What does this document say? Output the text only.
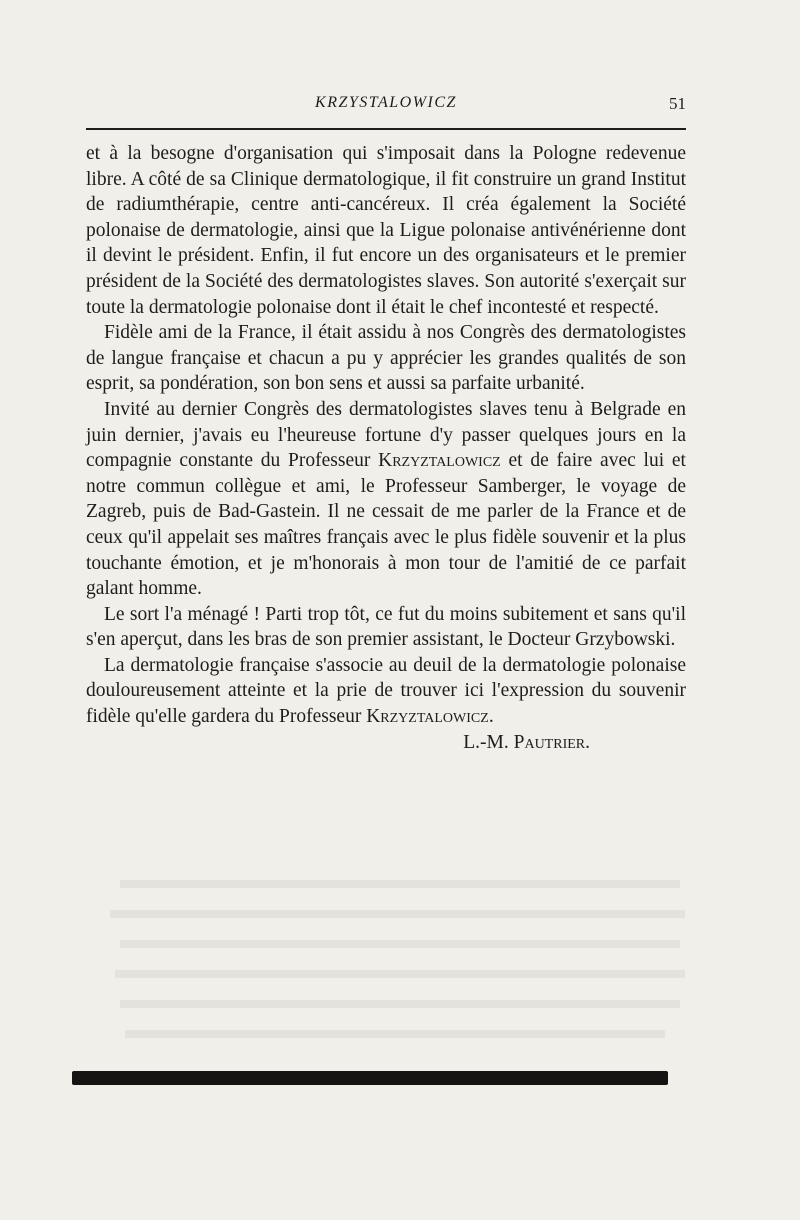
KRZYSTALOWICZ	51

et à la besogne d'organisation qui s'imposait dans la Pologne redevenue libre. A côté de sa Clinique dermatologique, il fit construire un grand Institut de radiumthérapie, centre anti-cancéreux. Il créa également la Société polonaise de dermatologie, ainsi que la Ligue polonaise antivénérienne dont il devint le président. Enfin, il fut encore un des organisateurs et le premier président de la Société des dermatologistes slaves. Son autorité s'exerçait sur toute la dermatologie polonaise dont il était le chef incontesté et respecté.

Fidèle ami de la France, il était assidu à nos Congrès des dermatologistes de langue française et chacun a pu y apprécier les grandes qualités de son esprit, sa pondération, son bon sens et aussi sa parfaite urbanité.

Invité au dernier Congrès des dermatologistes slaves tenu à Belgrade en juin dernier, j'avais eu l'heureuse fortune d'y passer quelques jours en la compagnie constante du Professeur Krzyztalowicz et de faire avec lui et notre commun collègue et ami, le Professeur Samberger, le voyage de Zagreb, puis de Bad-Gastein. Il ne cessait de me parler de la France et de ceux qu'il appelait ses maîtres français avec le plus fidèle souvenir et la plus touchante émotion, et je m'honorais à mon tour de l'amitié de ce parfait galant homme.

Le sort l'a ménagé ! Parti trop tôt, ce fut du moins subitement et sans qu'il s'en aperçut, dans les bras de son premier assistant, le Docteur Grzybowski.

La dermatologie française s'associe au deuil de la dermatologie polonaise douloureusement atteinte et la prie de trouver ici l'expression du souvenir fidèle qu'elle gardera du Professeur Krzyztalowicz.

L.-M. Pautrier.
